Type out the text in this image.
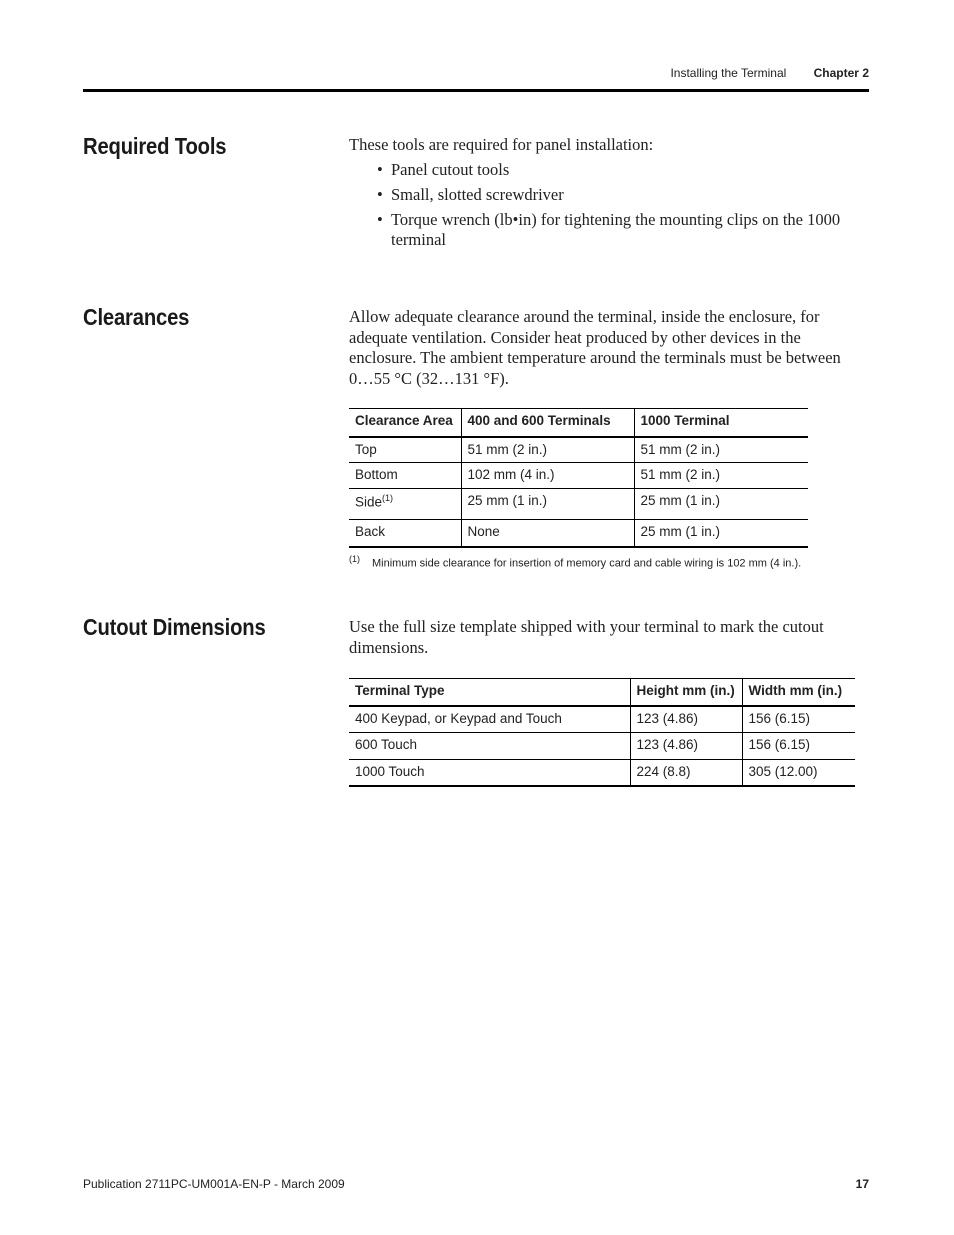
Installing the Terminal Chapter 2
Required Tools	These tools are required for panel installation:

• Panel cutout tools
• Small, slotted screwdriver
• Torque wrench (lb•in) for tightening the mounting clips on the 1000 terminal
Clearances	Allow adequate clearance around the terminal, inside the enclosure, for adequate ventilation. Consider heat produced by other devices in the enclosure. The ambient temperature around the terminals must be between 0…55 °C (32…131 °F).

Clearance Area	400 and 600 Terminals	1000 Terminal
Top	51 mm (2 in.)	51 mm (2 in.)
Bottom	102 mm (4 in.)	51 mm (2 in.)
Side$^{(1)}$	25 mm (1 in.)	25 mm (1 in.)
Back	None	25 mm (1 in.)

$^{(1)}$ Minimum side clearance for insertion of memory card and cable wiring is 102 mm (4 in.).

Cutout Dimensions	Use the full size template shipped with your terminal to mark the cutout dimensions.

Terminal Type	Height mm (in.)	Width mm (in.)
400 Keypad, or Keypad and Touch	123 (4.86)	156 (6.15)
600 Touch	123 (4.86)	156 (6.15)
1000 Touch	224 (8.8)	305 (12.00)
Publication 2711PC-UM001A-EN-P - March 2009	17
